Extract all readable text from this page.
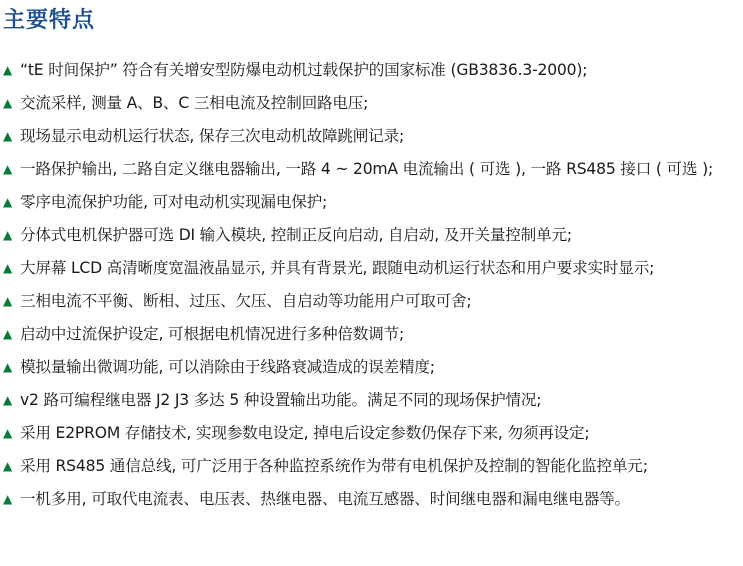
主要特点
▲ “tE 时间保护” 符合有关增安型防爆电动机过载保护的国家标准 (GB3836.3-2000);
▲ 交流采样, 测量 A、B、C 三相电流及控制回路电压;
▲ 现场显示电动机运行状态, 保存三次电动机故障跳闸记录;
▲ 一路保护输出, 二路自定义继电器输出, 一路 4 ~ 20mA 电流输出 ( 可选 ), 一路 RS485 接口 ( 可选 );
▲ 零序电流保护功能, 可对电动机实现漏电保护;
▲ 分体式电机保护器可选 DI 输入模块, 控制正反向启动, 自启动, 及开关量控制单元;
▲ 大屏幕 LCD 高清晰度宽温液晶显示, 并具有背景光, 跟随电动机运行状态和用户要求实时显示;
▲ 三相电流不平衡、断相、过压、欠压、自启动等功能用户可取可舍;
▲ 启动中过流保护设定, 可根据电机情况进行多种倍数调节;
▲ 模拟量输出微调功能, 可以消除由于线路衰减造成的误差精度;
▲ v2 路可编程继电器 J2 J3 多达 5 种设置输出功能。满足不同的现场保护情况;
▲ 采用 E2PROM 存储技术, 实现参数电设定, 掉电后设定参数仍保存下来, 勿须再设定;
▲ 采用 RS485 通信总线, 可广泛用于各种监控系统作为带有电机保护及控制的智能化监控单元;
▲ 一机多用, 可取代电流表、电压表、热继电器、电流互感器、时间继电器和漏电继电器等。
